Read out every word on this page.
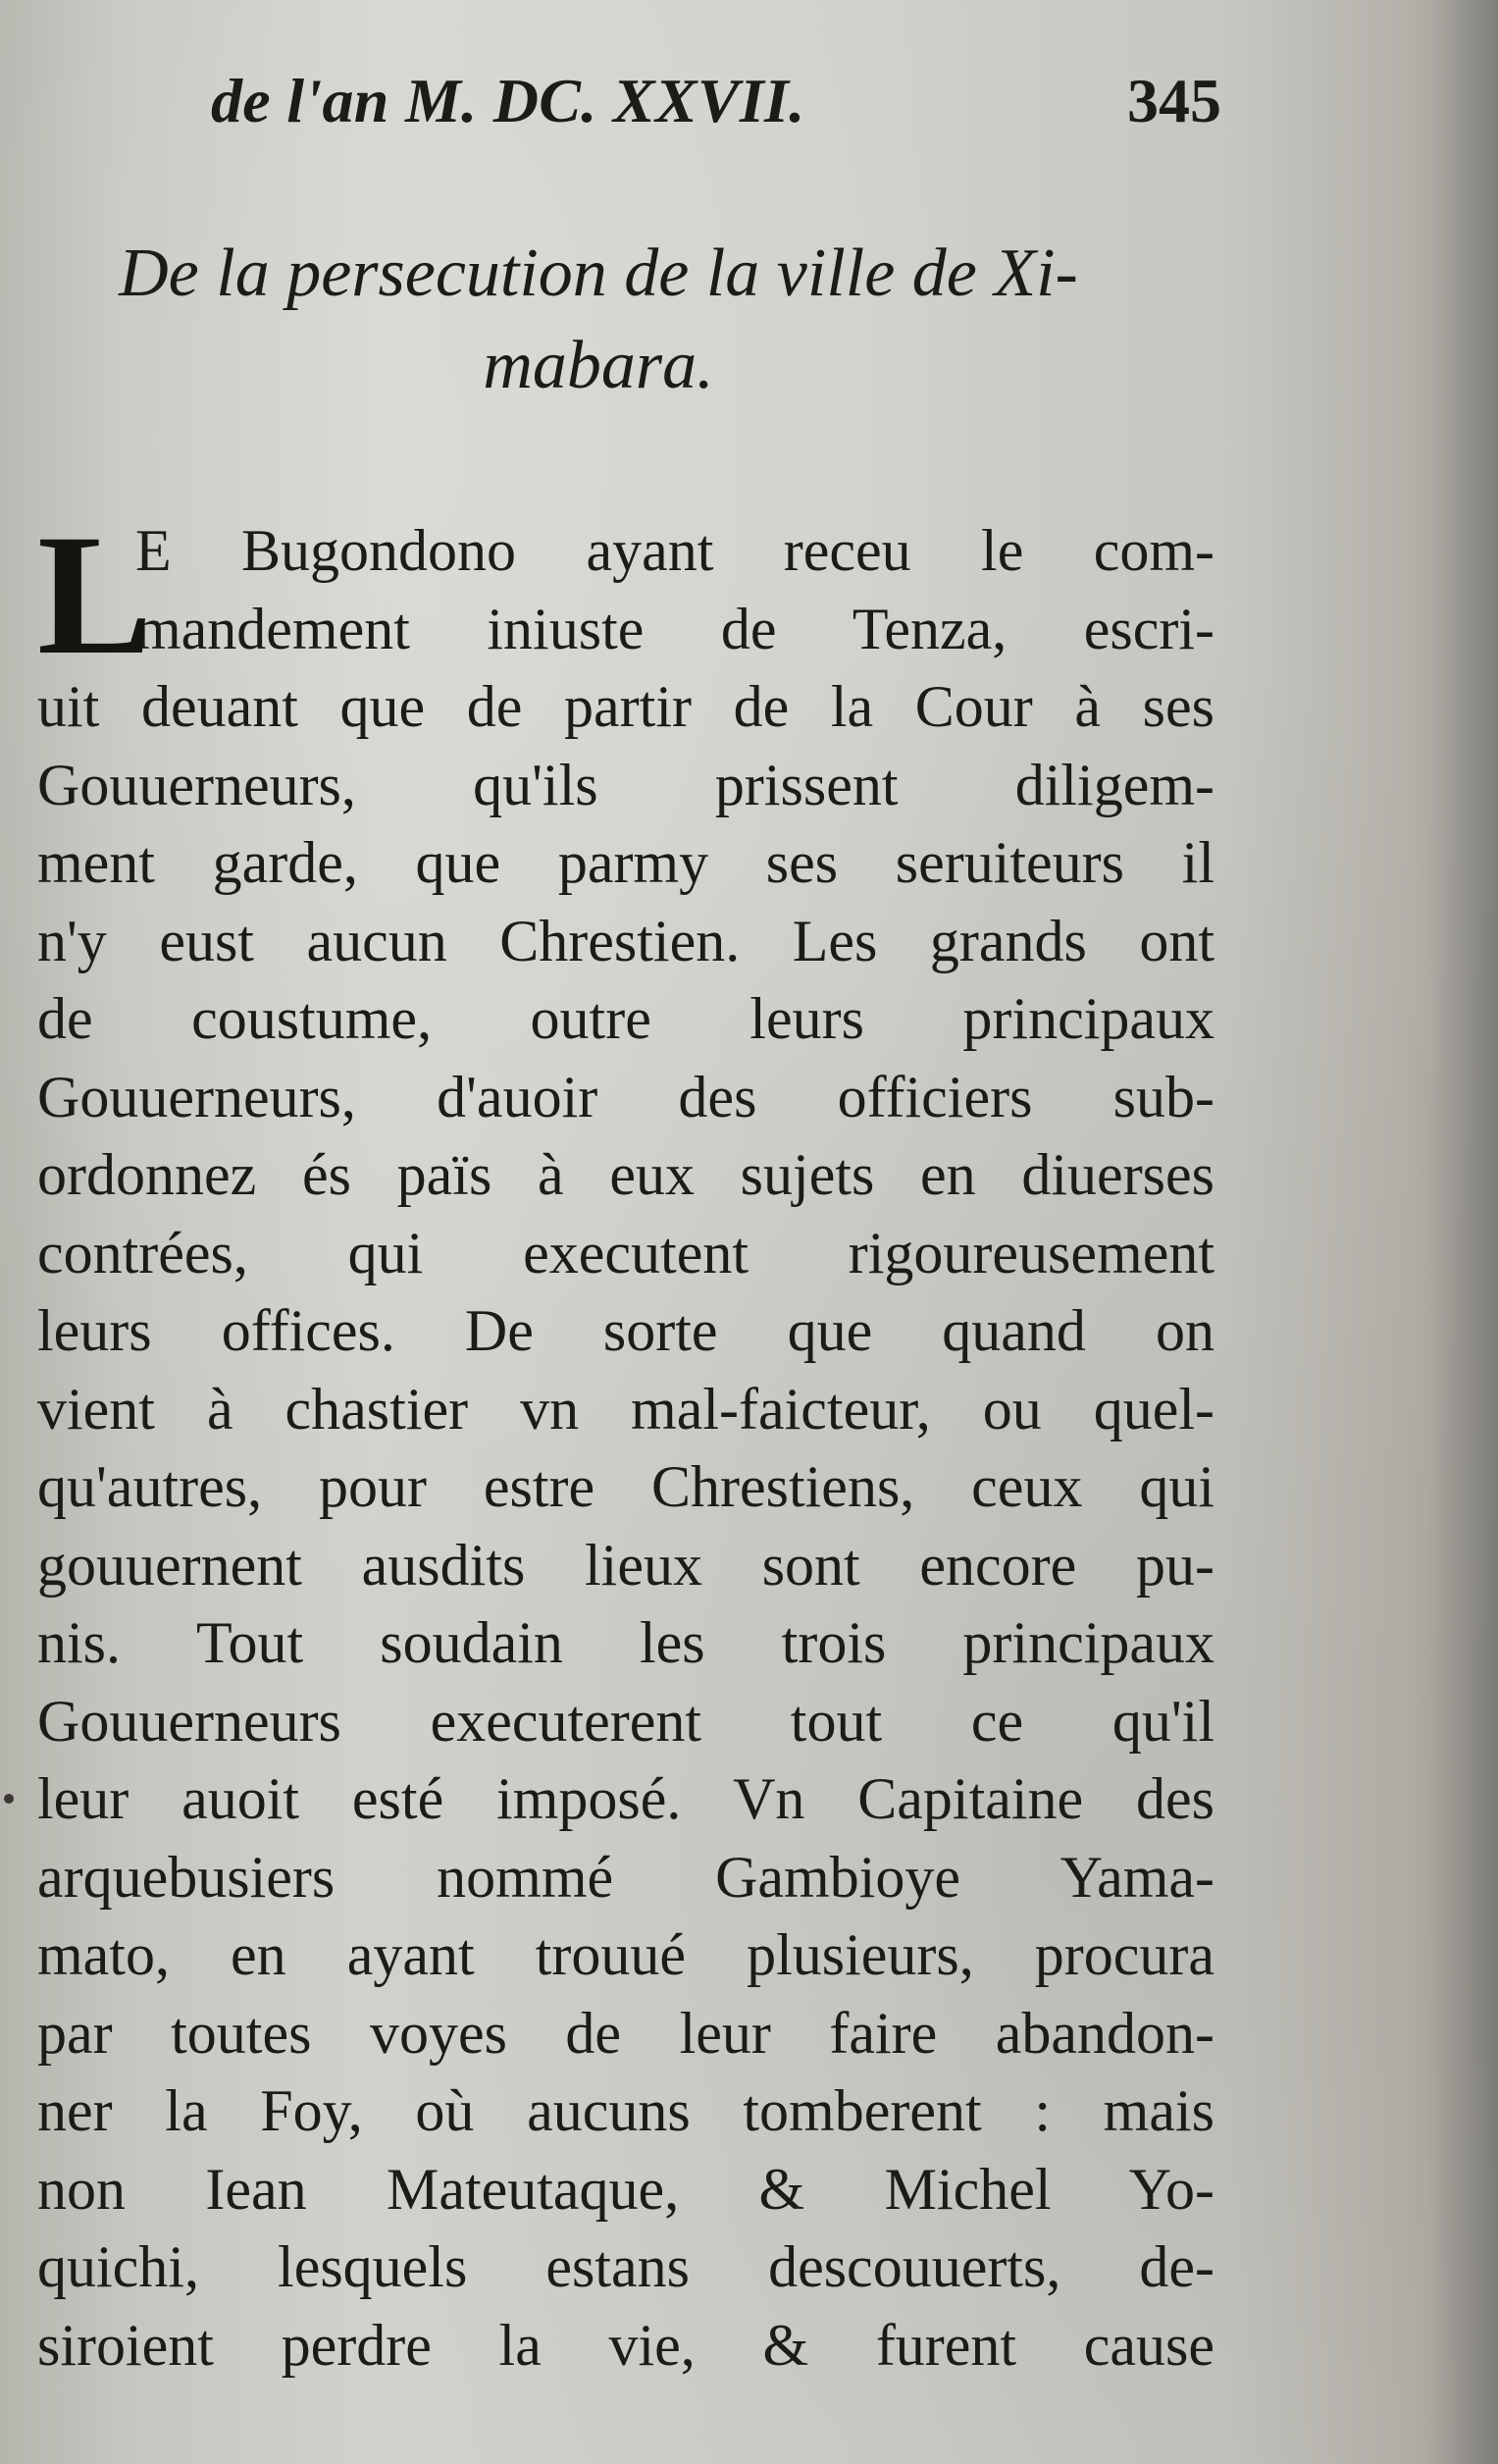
de l'an M. DC. XXVII.	345
De la persecution de la ville de Xi-
mabara.
L
E Bugondono ayant receu le com-
mandement iniuste de Tenza, escri-
uit deuant que de partir de la Cour à ses
Gouuerneurs, qu'ils prissent diligem-
ment garde, que parmy ses seruiteurs il
n'y eust aucun Chrestien. Les grands ont
de coustume, outre leurs principaux
Gouuerneurs, d'auoir des officiers sub-
ordonnez és païs à eux sujets en diuerses
contrées, qui executent rigoureusement
leurs offices. De sorte que quand on
vient à chastier vn mal-faicteur, ou quel-
qu'autres, pour estre Chrestiens, ceux qui
gouuernent ausdits lieux sont encore pu-
nis. Tout soudain les trois principaux
Gouuerneurs executerent tout ce qu'il
leur auoit esté imposé. Vn Capitaine des
arquebusiers nommé Gambioye Yama-
mato, en ayant trouué plusieurs, procura
par toutes voyes de leur faire abandon-
ner la Foy, où aucuns tomberent : mais
non Iean Mateutaque, & Michel Yo-
quichi, lesquels estans descouuerts, de-
siroient perdre la vie, & furent cause
